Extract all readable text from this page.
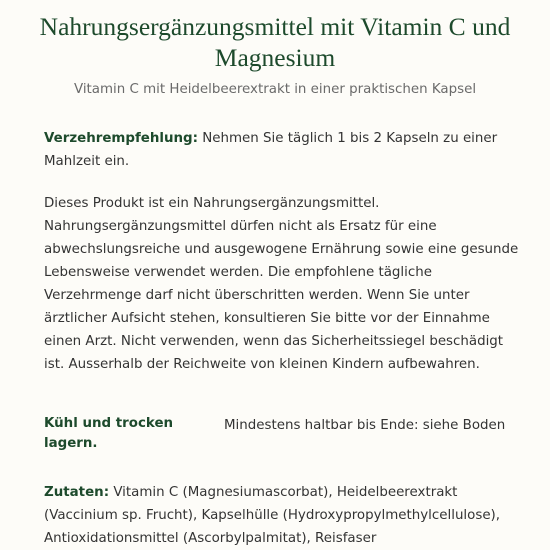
Nahrungsergänzungsmittel mit Vitamin C und Magnesium

Vitamin C mit Heidelbeerextrakt in einer praktischen Kapsel

Verzehrempfehlung: Nehmen Sie täglich 1 bis 2 Kapseln zu einer Mahlzeit ein.

Dieses Produkt ist ein Nahrungsergänzungsmittel. Nahrungsergänzungsmittel dürfen nicht als Ersatz für eine abwechslungsreiche und ausgewogene Ernährung sowie eine gesunde Lebensweise verwendet werden. Die empfohlene tägliche Verzehrmenge darf nicht überschritten werden. Wenn Sie unter ärztlicher Aufsicht stehen, konsultieren Sie bitte vor der Einnahme einen Arzt. Nicht verwenden, wenn das Sicherheitssiegel beschädigt ist. Ausserhalb der Reichweite von kleinen Kindern aufbewahren.

Kühl und trocken lagern.

Mindestens haltbar bis Ende: siehe Boden

Zutaten: Vitamin C (Magnesiumascorbat), Heidelbeerextrakt (Vaccinium sp. Frucht), Kapselhülle (Hydroxypropylmethylcellulose), Antioxidationsmittel (Ascorbylpalmitat), Reisfaser
